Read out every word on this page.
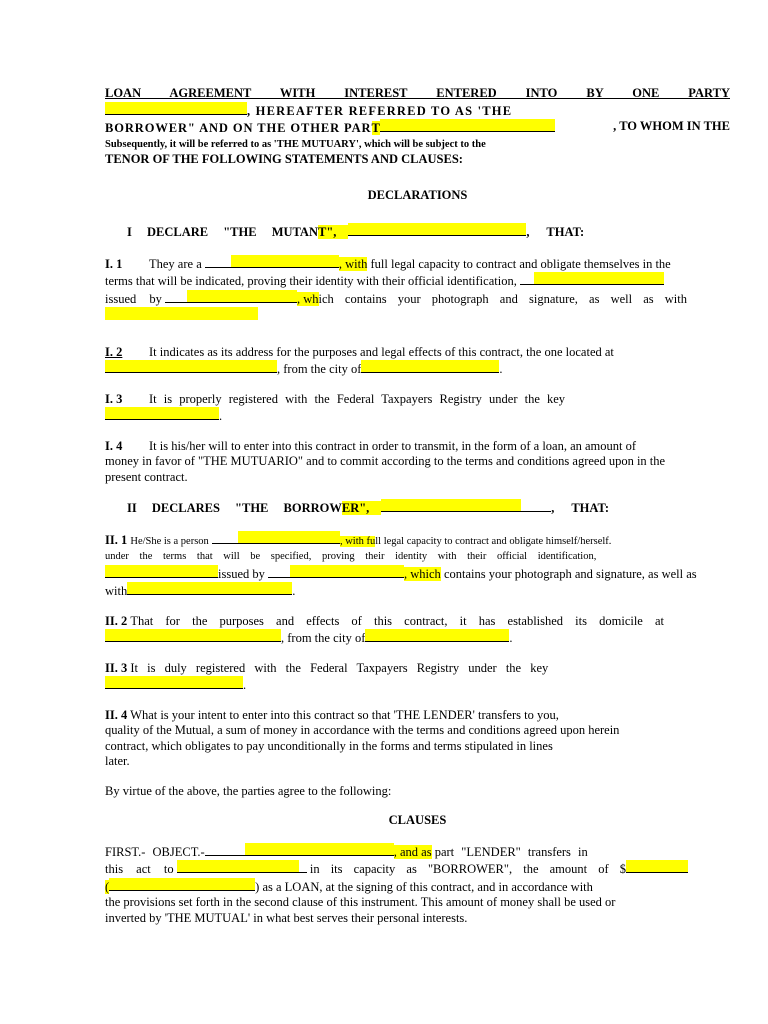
LOAN AGREEMENT WITH INTEREST ENTERED INTO BY ONE PARTY
, HEREAFTER REFERRED TO AS 'THE
BORROWER" AND ON THE OTHER PART	, TO WHOM IN THE
Subsequently, it will be referred to as 'THE MUTUARY', which will be subject to the
TENOR OF THE FOLLOWING STATEMENTS AND CLAUSES:
DECLARATIONS
I DECLARE "THE MUTANT",	, THAT:
I. 1 They are a	, with full legal capacity to contract and obligate themselves in the
terms that will be indicated, proving their identity with their official identification,
issued by	, which contains your photograph and signature, as well as with
I. 2 It indicates as its address for the purposes and legal effects of this contract, the one located at
, from the city of	.
I. 3 It is properly registered with the Federal Taxpayers Registry under the key
.
I. 4 It is his/her will to enter into this contract in order to transmit, in the form of a loan, an amount of
money in favor of "THE MUTUARIO" and to commit according to the terms and conditions agreed upon in the
present contract.
II DECLARES "THE BORROWER",	, THAT:
II. 1 He/She is a person	, with full legal capacity to contract and obligate himself/herself.
under the terms that will be specified, proving their identity with their official identification,
issued by	, which contains your photograph and signature, as well as
with	.
II. 2 That for the purposes and effects of this contract, it has established its domicile at
, from the city of	.
II. 3 It is duly registered with the Federal Taxpayers Registry under the key
.
II. 4 What is your intent to enter into this contract so that 'THE LENDER' transfers to you,
quality of the Mutual, a sum of money in accordance with the terms and conditions agreed upon herein
contract, which obligates to pay unconditionally in the forms and terms stipulated in lines
later.
By virtue of the above, the parties agree to the following:
CLAUSES
FIRST.- OBJECT.-	, and as part "LENDER" transfers in
this act to	in its capacity as "BORROWER", the amount of $
(	) as a LOAN, at the signing of this contract, and in accordance with
the provisions set forth in the second clause of this instrument. This amount of money shall be used or
inverted by 'THE MUTUAL' in what best serves their personal interests.
